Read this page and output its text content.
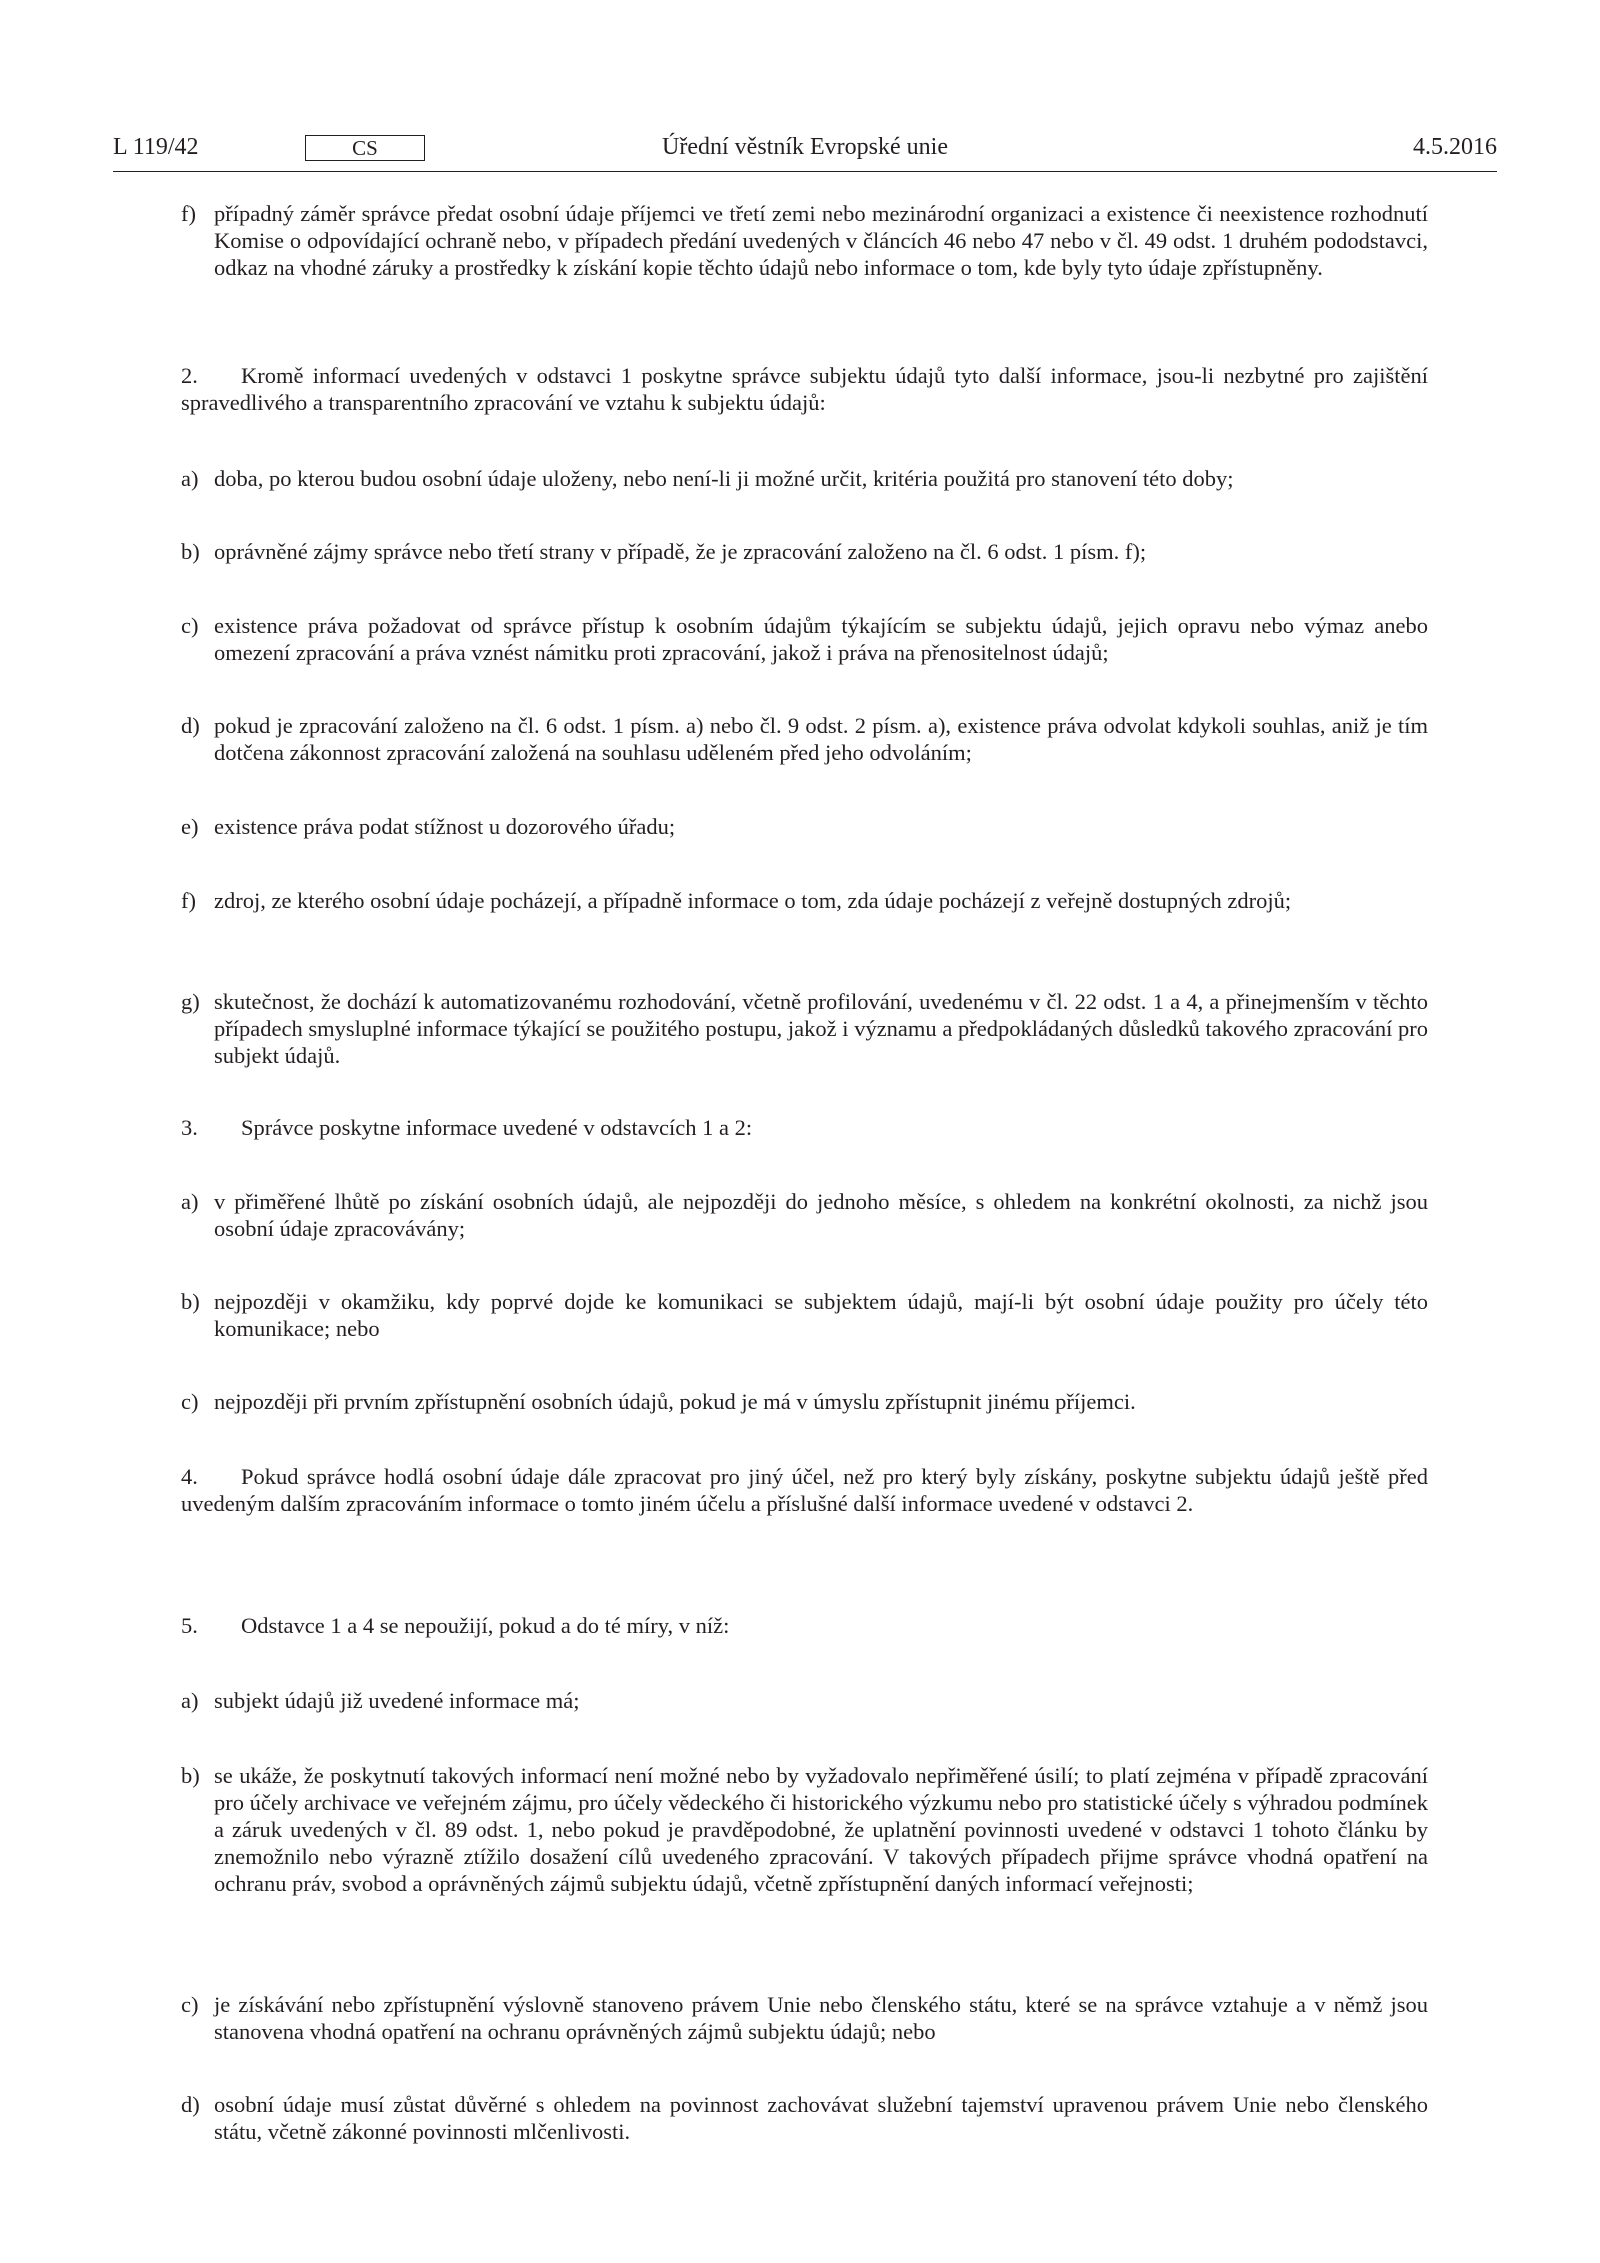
L 119/42	CS	Úřední věstník Evropské unie	4.5.2016
f) případný záměr správce předat osobní údaje příjemci ve třetí zemi nebo mezinárodní organizaci a existence či neexistence rozhodnutí Komise o odpovídající ochraně nebo, v případech předání uvedených v článcích 46 nebo 47 nebo v čl. 49 odst. 1 druhém pododstavci, odkaz na vhodné záruky a prostředky k získání kopie těchto údajů nebo informace o tom, kde byly tyto údaje zpřístupněny.

2. Kromě informací uvedených v odstavci 1 poskytne správce subjektu údajů tyto další informace, jsou-li nezbytné pro zajištění spravedlivého a transparentního zpracování ve vztahu k subjektu údajů:

a) doba, po kterou budou osobní údaje uloženy, nebo není-li ji možné určit, kritéria použitá pro stanovení této doby;
b) oprávněné zájmy správce nebo třetí strany v případě, že je zpracování založeno na čl. 6 odst. 1 písm. f);
c) existence práva požadovat od správce přístup k osobním údajům týkajícím se subjektu údajů, jejich opravu nebo výmaz anebo omezení zpracování a práva vznést námitku proti zpracování, jakož i práva na přenositelnost údajů;
d) pokud je zpracování založeno na čl. 6 odst. 1 písm. a) nebo čl. 9 odst. 2 písm. a), existence práva odvolat kdykoli souhlas, aniž je tím dotčena zákonnost zpracování založená na souhlasu uděleném před jeho odvoláním;
e) existence práva podat stížnost u dozorového úřadu;
f) zdroj, ze kterého osobní údaje pocházejí, a případně informace o tom, zda údaje pocházejí z veřejně dostupných zdrojů;
g) skutečnost, že dochází k automatizovanému rozhodování, včetně profilování, uvedenému v čl. 22 odst. 1 a 4, a přinejmenším v těchto případech smysluplné informace týkající se použitého postupu, jakož i významu a předpokládaných důsledků takového zpracování pro subjekt údajů.

3. Správce poskytne informace uvedené v odstavcích 1 a 2:

a) v přiměřené lhůtě po získání osobních údajů, ale nejpozději do jednoho měsíce, s ohledem na konkrétní okolnosti, za nichž jsou osobní údaje zpracovávány;
b) nejpozději v okamžiku, kdy poprvé dojde ke komunikaci se subjektem údajů, mají-li být osobní údaje použity pro účely této komunikace; nebo
c) nejpozději při prvním zpřístupnění osobních údajů, pokud je má v úmyslu zpřístupnit jinému příjemci.

4. Pokud správce hodlá osobní údaje dále zpracovat pro jiný účel, než pro který byly získány, poskytne subjektu údajů ještě před uvedeným dalším zpracováním informace o tomto jiném účelu a příslušné další informace uvedené v odstavci 2.

5. Odstavce 1 a 4 se nepoužijí, pokud a do té míry, v níž:

a) subjekt údajů již uvedené informace má;
b) se ukáže, že poskytnutí takových informací není možné nebo by vyžadovalo nepřiměřené úsilí; to platí zejména v případě zpracování pro účely archivace ve veřejném zájmu, pro účely vědeckého či historického výzkumu nebo pro statistické účely s výhradou podmínek a záruk uvedených v čl. 89 odst. 1, nebo pokud je pravděpodobné, že uplatnění povinnosti uvedené v odstavci 1 tohoto článku by znemožnilo nebo výrazně ztížilo dosažení cílů uvedeného zpracování. V takových případech přijme správce vhodná opatření na ochranu práv, svobod a oprávněných zájmů subjektu údajů, včetně zpřístupnění daných informací veřejnosti;
c) je získávání nebo zpřístupnění výslovně stanoveno právem Unie nebo členského státu, které se na správce vztahuje a v němž jsou stanovena vhodná opatření na ochranu oprávněných zájmů subjektu údajů; nebo
d) osobní údaje musí zůstat důvěrné s ohledem na povinnost zachovávat služební tajemství upravenou právem Unie nebo členského státu, včetně zákonné povinnosti mlčenlivosti.
